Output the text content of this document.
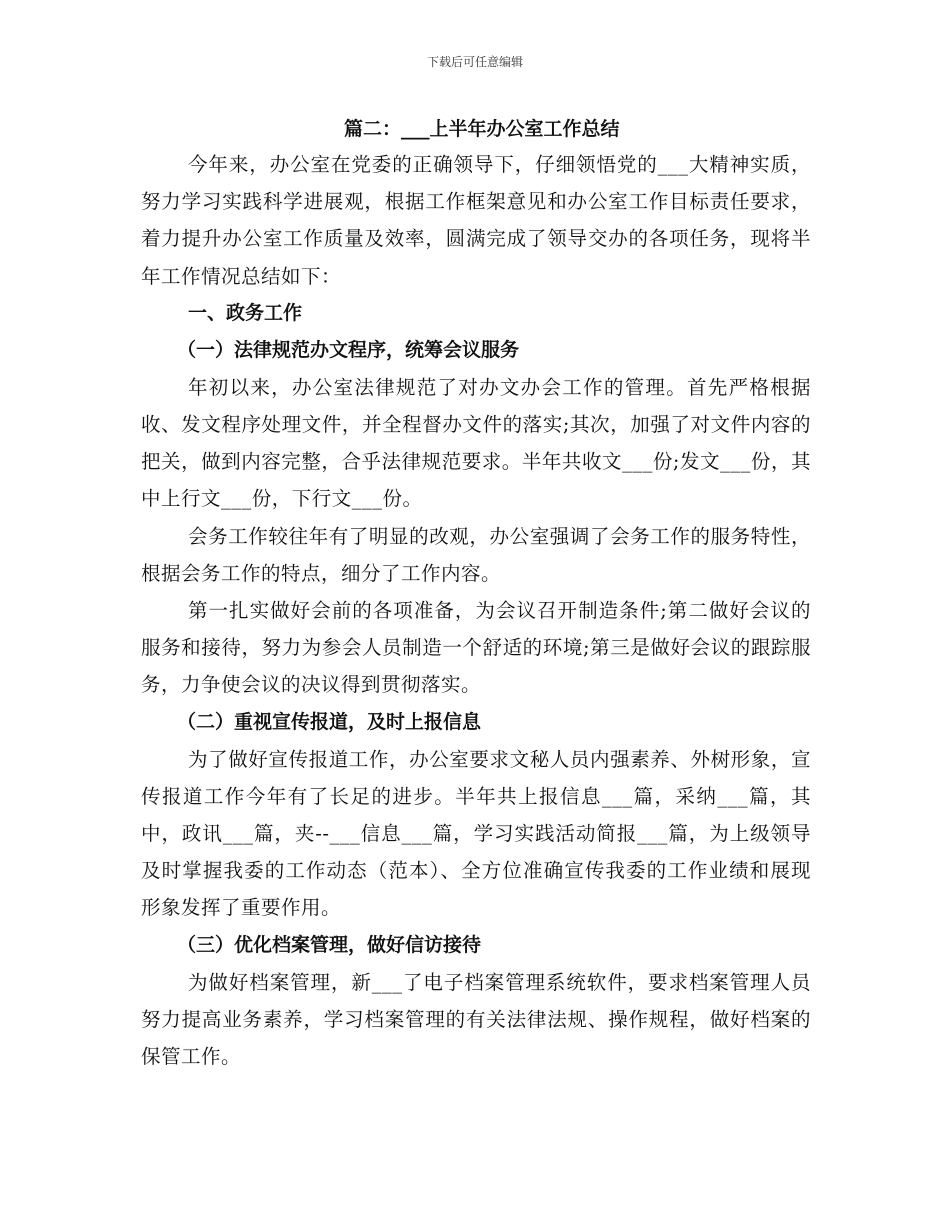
下载后可任意编辑

篇二：___上半年办公室工作总结

今年来，办公室在党委的正确领导下，仔细领悟党的___大精神实质，努力学习实践科学进展观，根据工作框架意见和办公室工作目标责任要求，着力提升办公室工作质量及效率，圆满完成了领导交办的各项任务，现将半年工作情况总结如下：

一、政务工作

（一）法律规范办文程序，统筹会议服务

年初以来，办公室法律规范了对办文办会工作的管理。首先严格根据收、发文程序处理文件，并全程督办文件的落实;其次，加强了对文件内容的把关，做到内容完整，合乎法律规范要求。半年共收文___份;发文___份，其中上行文___份，下行文___份。

会务工作较往年有了明显的改观，办公室强调了会务工作的服务特性，根据会务工作的特点，细分了工作内容。

第一扎实做好会前的各项准备，为会议召开制造条件;第二做好会议的服务和接待，努力为参会人员制造一个舒适的环境;第三是做好会议的跟踪服务，力争使会议的决议得到贯彻落实。

（二）重视宣传报道，及时上报信息

为了做好宣传报道工作，办公室要求文秘人员内强素养、外树形象，宣传报道工作今年有了长足的进步。半年共上报信息___篇，采纳___篇，其中，政讯___篇，夹--___信息___篇，学习实践活动简报___篇，为上级领导及时掌握我委的工作动态（范本）、全方位准确宣传我委的工作业绩和展现形象发挥了重要作用。

（三）优化档案管理，做好信访接待

为做好档案管理，新___了电子档案管理系统软件，要求档案管理人员努力提高业务素养，学习档案管理的有关法律法规、操作规程，做好档案的保管工作。
